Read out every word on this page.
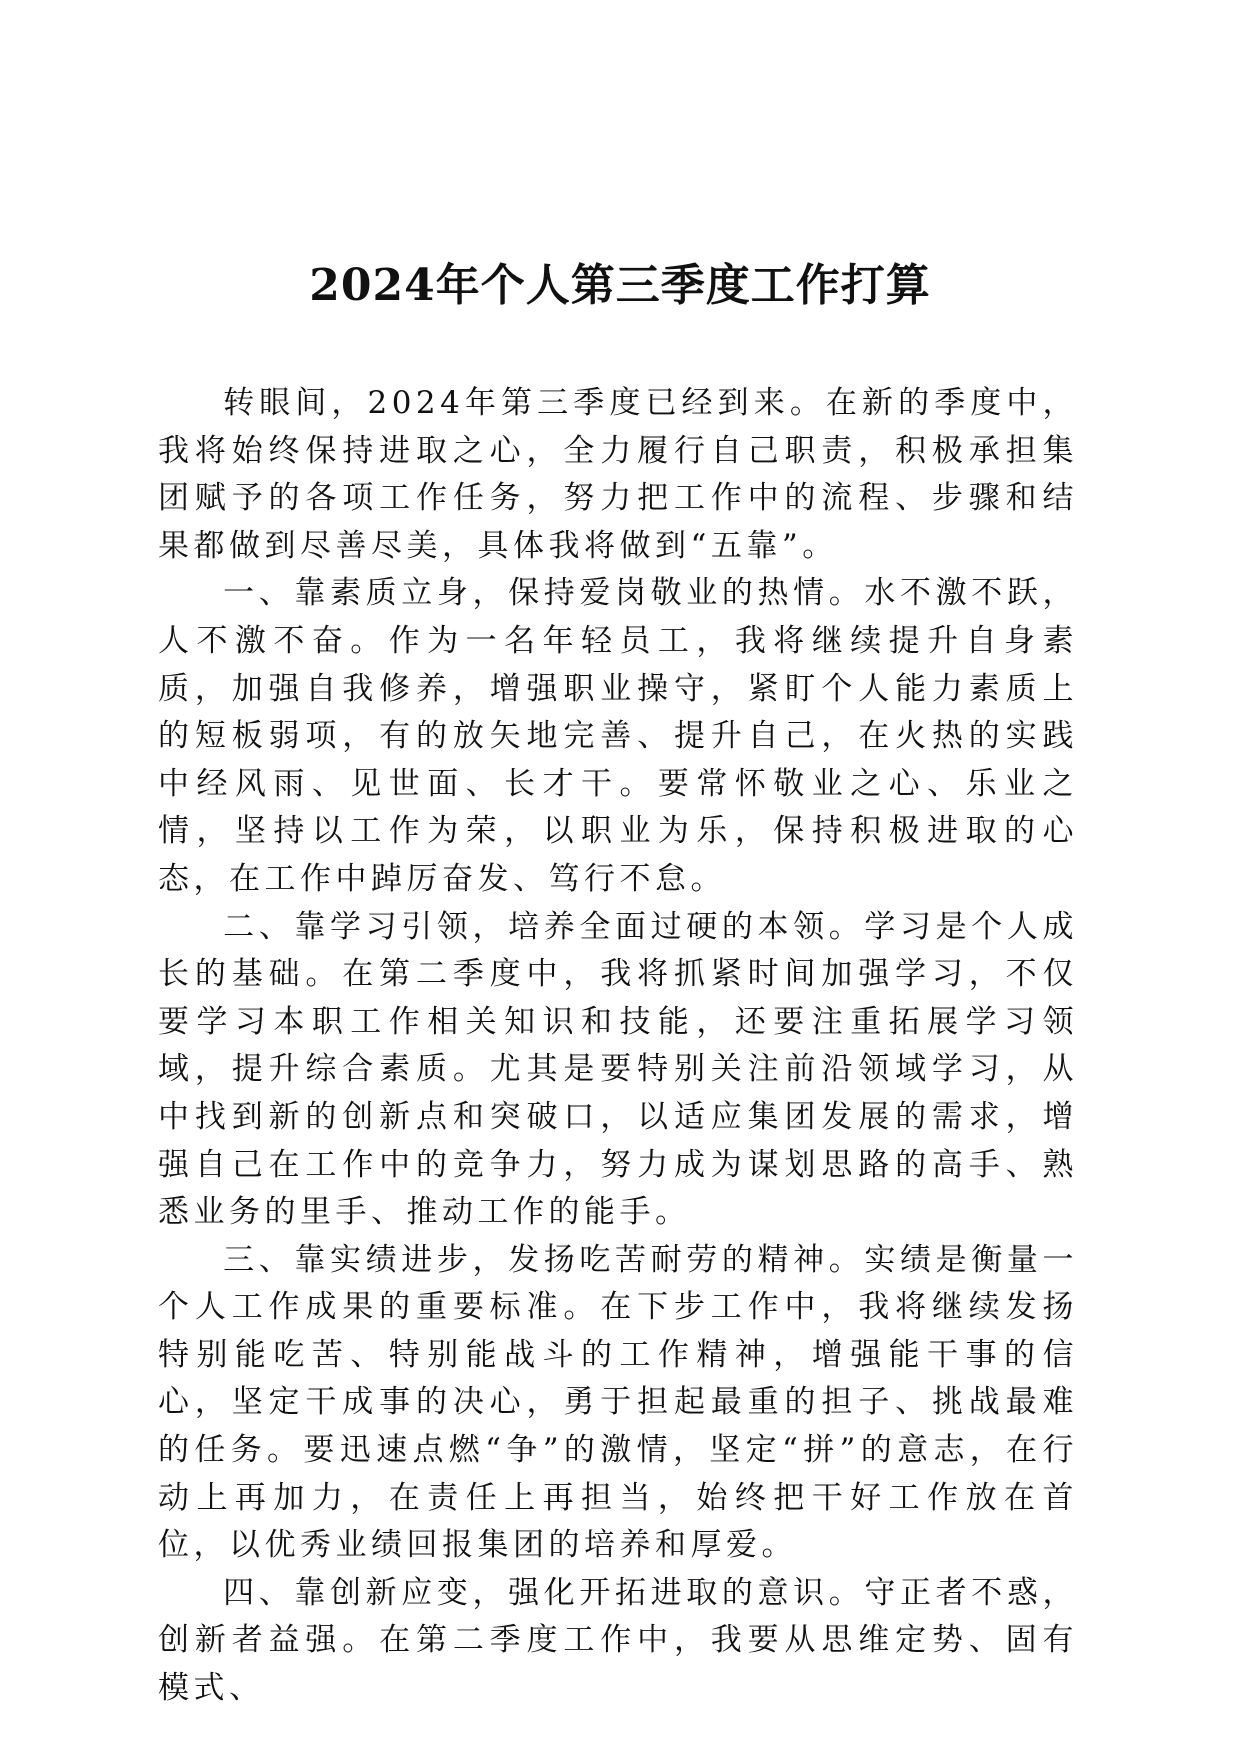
2024年个人第三季度工作打算

转眼间，2024年第三季度已经到来。在新的季度中，我将始终保持进取之心，全力履行自己职责，积极承担集团赋予的各项工作任务，努力把工作中的流程、步骤和结果都做到尽善尽美，具体我将做到“五靠”。

一、靠素质立身，保持爱岗敬业的热情。水不激不跃，人不激不奋。作为一名年轻员工，我将继续提升自身素质，加强自我修养，增强职业操守，紧盯个人能力素质上的短板弱项，有的放矢地完善、提升自己，在火热的实践中经风雨、见世面、长才干。要常怀敬业之心、乐业之情，坚持以工作为荣，以职业为乐，保持积极进取的心态，在工作中踔厉奋发、笃行不怠。

二、靠学习引领，培养全面过硬的本领。学习是个人成长的基础。在第二季度中，我将抓紧时间加强学习，不仅要学习本职工作相关知识和技能，还要注重拓展学习领域，提升综合素质。尤其是要特别关注前沿领域学习，从中找到新的创新点和突破口，以适应集团发展的需求，增强自己在工作中的竞争力，努力成为谋划思路的高手、熟悉业务的里手、推动工作的能手。

三、靠实绩进步，发扬吃苦耐劳的精神。实绩是衡量一个人工作成果的重要标准。在下步工作中，我将继续发扬特别能吃苦、特别能战斗的工作精神，增强能干事的信心，坚定干成事的决心，勇于担起最重的担子、挑战最难的任务。要迅速点燃“争”的激情，坚定“拼”的意志，在行动上再加力，在责任上再担当，始终把干好工作放在首位，以优秀业绩回报集团的培养和厚爱。

四、靠创新应变，强化开拓进取的意识。守正者不惑，创新者益强。在第二季度工作中，我要从思维定势、固有模式、
